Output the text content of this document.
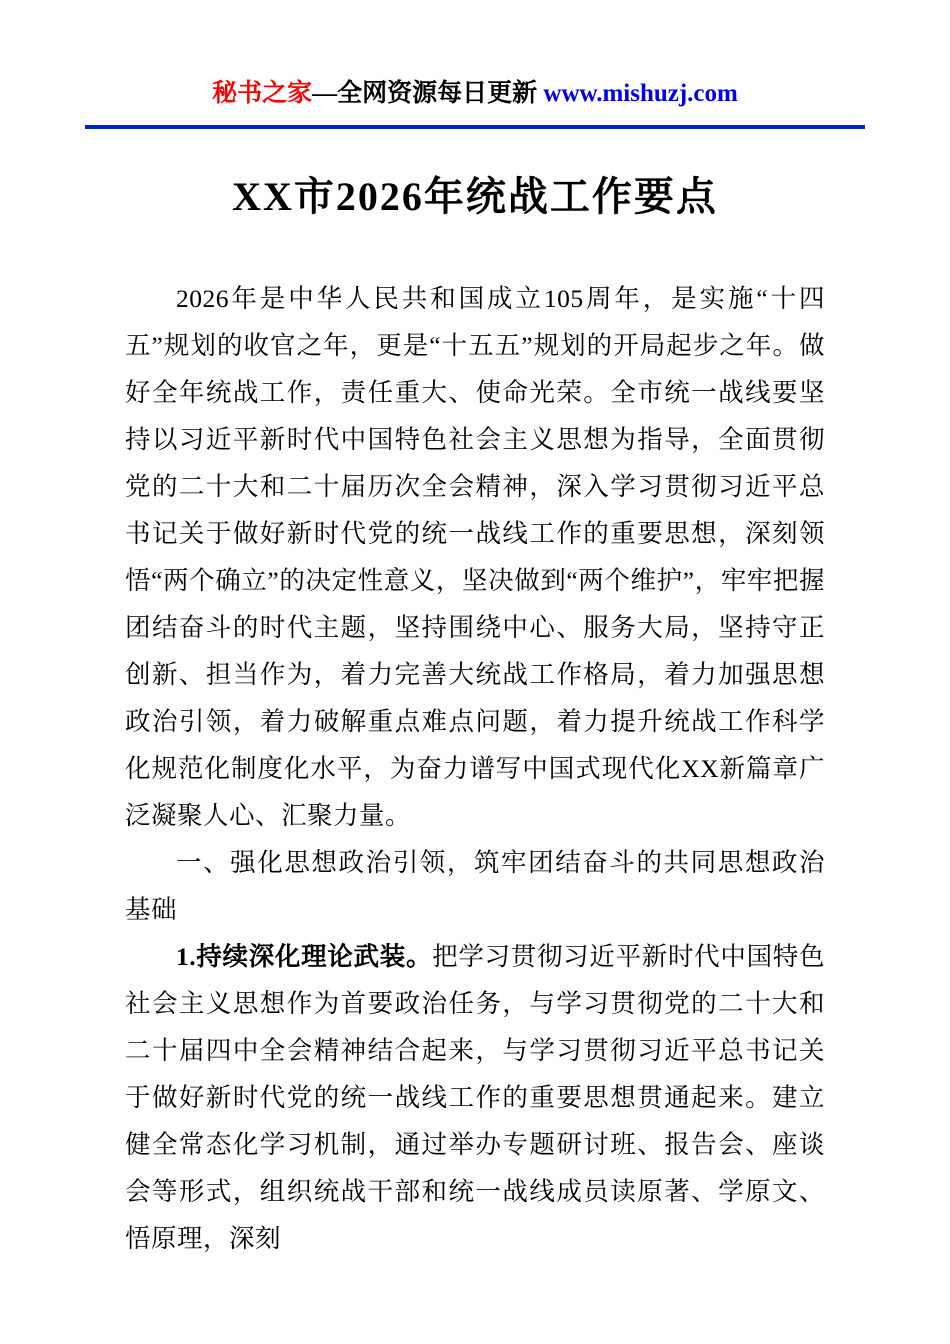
秘书之家—全网资源每日更新 www.mishuzj.com
XX市2026年统战工作要点

2026年是中华人民共和国成立105周年，是实施“十四五”规划的收官之年，更是“十五五”规划的开局起步之年。做好全年统战工作，责任重大、使命光荣。全市统一战线要坚持以习近平新时代中国特色社会主义思想为指导，全面贯彻党的二十大和二十届历次全会精神，深入学习贯彻习近平总书记关于做好新时代党的统一战线工作的重要思想，深刻领悟“两个确立”的决定性意义，坚决做到“两个维护”，牢牢把握团结奋斗的时代主题，坚持围绕中心、服务大局，坚持守正创新、担当作为，着力完善大统战工作格局，着力加强思想政治引领，着力破解重点难点问题，着力提升统战工作科学化规范化制度化水平，为奋力谱写中国式现代化XX新篇章广泛凝聚人心、汇聚力量。

一、强化思想政治引领，筑牢团结奋斗的共同思想政治基础

1.持续深化理论武装。把学习贯彻习近平新时代中国特色社会主义思想作为首要政治任务，与学习贯彻党的二十大和二十届四中全会精神结合起来，与学习贯彻习近平总书记关于做好新时代党的统一战线工作的重要思想贯通起来。建立健全常态化学习机制，通过举办专题研讨班、报告会、座谈会等形式，组织统战干部和统一战线成员读原著、学原文、悟原理，深刻
